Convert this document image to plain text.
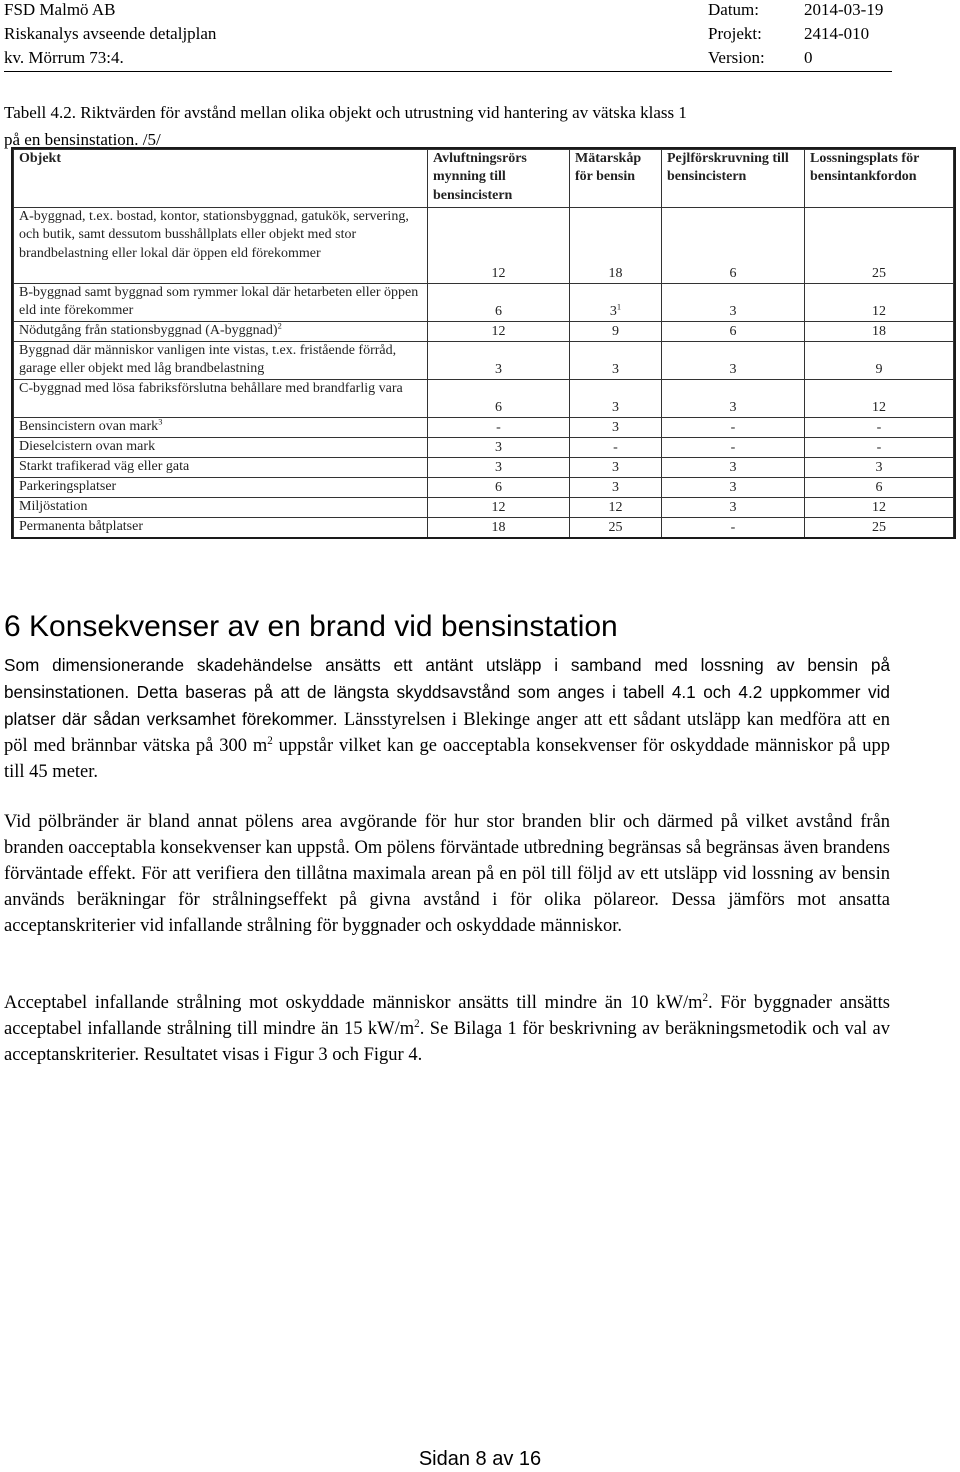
FSD Malmö AB	Datum:	2014-03-19
Riskanalys avseende detaljplan	Projekt: 2414-010
kv. Mörrum 73:4.	Version: 0
Tabell 4.2. Riktvärden för avstånd mellan olika objekt och utrustning vid hantering av vätska klass 1
på en bensinstation. /5/
Objekt	Avluftningsrörs mynning till bensincistern	Mätarskåp för bensin	Pejlförskruvning till bensincistern	Lossningsplats för bensintankfordon
A-byggnad, t.ex. bostad, kontor, stationsbyggnad, gatukök, servering, och butik, samt dessutom busshållplats eller objekt med stor brandbelastning eller lokal där öppen eld förekommer	12	18	6	25
B-byggnad samt byggnad som rymmer lokal där hetarbeten eller öppen eld inte förekommer	6	$3^1$	3	12
Nödutgång från stationsbyggnad (A-byggnad)$^2$	12	9	6	18
Byggnad där människor vanligen inte vistas, t.ex. fristående förråd, garage eller objekt med låg brandbelastning	3	3	3	9
C-byggnad med lösa fabriksförslutna behållare med brandfarlig vara	6	3	3	12
Bensincistern ovan mark$^3$	-	3	-	-
Dieselcistern ovan mark	3	-	-	-
Starkt trafikerad väg eller gata	3	3	3	3
Parkeringsplatser	6	3	3	6
Miljöstation	12	12	3	12
Permanenta båtplatser	18	25	-	25
6 Konsekvenser av en brand vid bensinstation
Som dimensionerande skadehändelse ansätts ett antänt utsläpp i samband med lossning av bensin på bensinstationen. Detta baseras på att de längsta skyddsavstånd som anges i tabell 4.1 och 4.2 uppkommer vid platser där sådan verksamhet förekommer. Länsstyrelsen i Blekinge anger att ett sådant utsläpp kan medföra att en pöl med brännbar vätska på 300 $m^2$ uppstår vilket kan ge oacceptabla konsekvenser för oskyddade människor på upp till 45 meter.
Vid pölbränder är bland annat pölens area avgörande för hur stor branden blir och därmed på vilket avstånd från branden oacceptabla konsekvenser kan uppstå. Om pölens förväntade utbredning begränsas så begränsas även brandens förväntade effekt. För att verifiera den tillåtna maximala arean på en pöl till följd av ett utsläpp vid lossning av bensin används beräkningar för strålningseffekt på givna avstånd i för olika pölareor. Dessa jämförs mot ansatta acceptanskriterier vid infallande strålning för byggnader och oskyddade människor.
Acceptabel infallande strålning mot oskyddade människor ansätts till mindre än 10 $kW/m^2$. För byggnader ansätts acceptabel infallande strålning till mindre än 15 $kW/m^2$. Se Bilaga 1 för beskrivning av beräkningsmetodik och val av acceptanskriterier. Resultatet visas i Figur 3 och Figur 4.
Sidan 8 av 16
